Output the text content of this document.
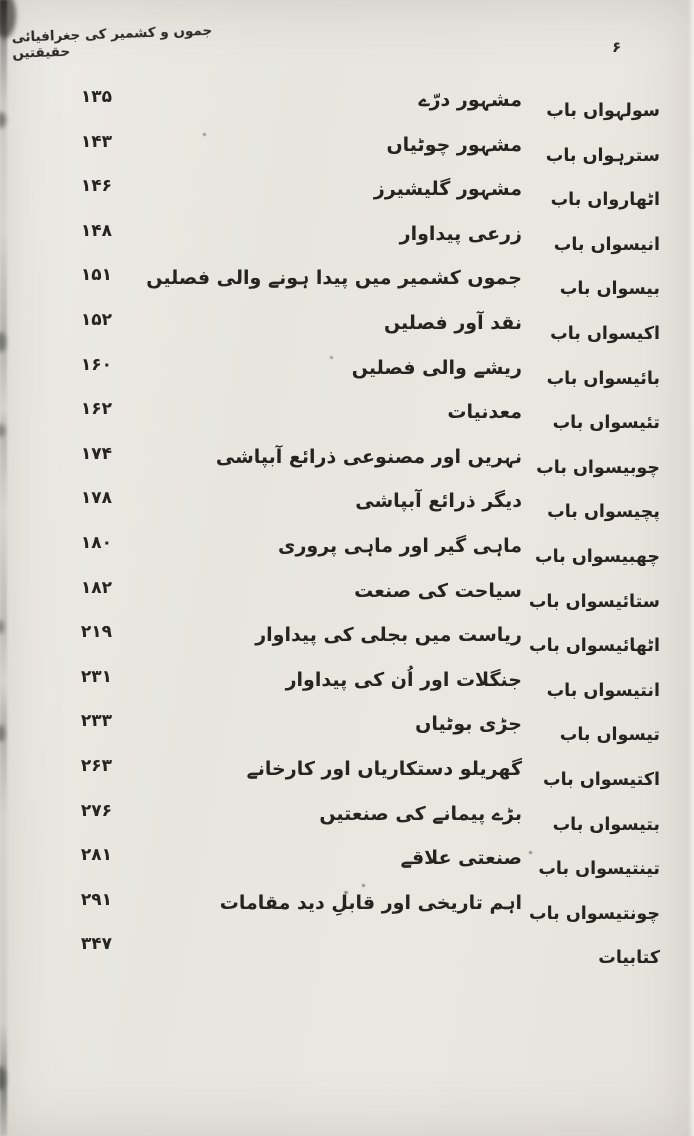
جموں و کشمیر کی جغرافیائی حقیقتیں	۶
سولہواں باب
مشہور درّے
۱۳۵
سترہواں باب
مشہور چوٹیاں
۱۴۳
اٹھارواں باب
مشہور گلیشیرز
۱۴۶
انیسواں باب
زرعی پیداوار
۱۴۸
بیسواں باب
جموں کشمیر میں پیدا ہونے والی فصلیں
۱۵۱
اکیسواں باب
نقد آور فصلیں
۱۵۲
بائیسواں باب
ریشے والی فصلیں
۱۶۰
تئیسواں باب
معدنیات
۱۶۲
چوبیسواں باب
نہریں اور مصنوعی ذرائع آبپاشی
۱۷۴
پچیسواں باب
دیگر ذرائع آبپاشی
۱۷۸
چھبیسواں باب
ماہی گیر اور ماہی پروری
۱۸۰
ستائیسواں باب
سیاحت کی صنعت
۱۸۲
اٹھائیسواں باب
ریاست میں بجلی کی پیداوار
۲۱۹
انتیسواں باب
جنگلات اور اُن کی پیداوار
۲۳۱
تیسواں باب
جڑی بوٹیاں
۲۳۳
اکتیسواں باب
گھریلو دستکاریاں اور کارخانے
۲۶۳
بتیسواں باب
بڑے پیمانے کی صنعتیں
۲۷۶
تینتیسواں باب
صنعتی علاقے
۲۸۱
چونتیسواں باب
اہم تاریخی اور قابلِ دید مقامات
۲۹۱
کتابیات
۳۴۷
